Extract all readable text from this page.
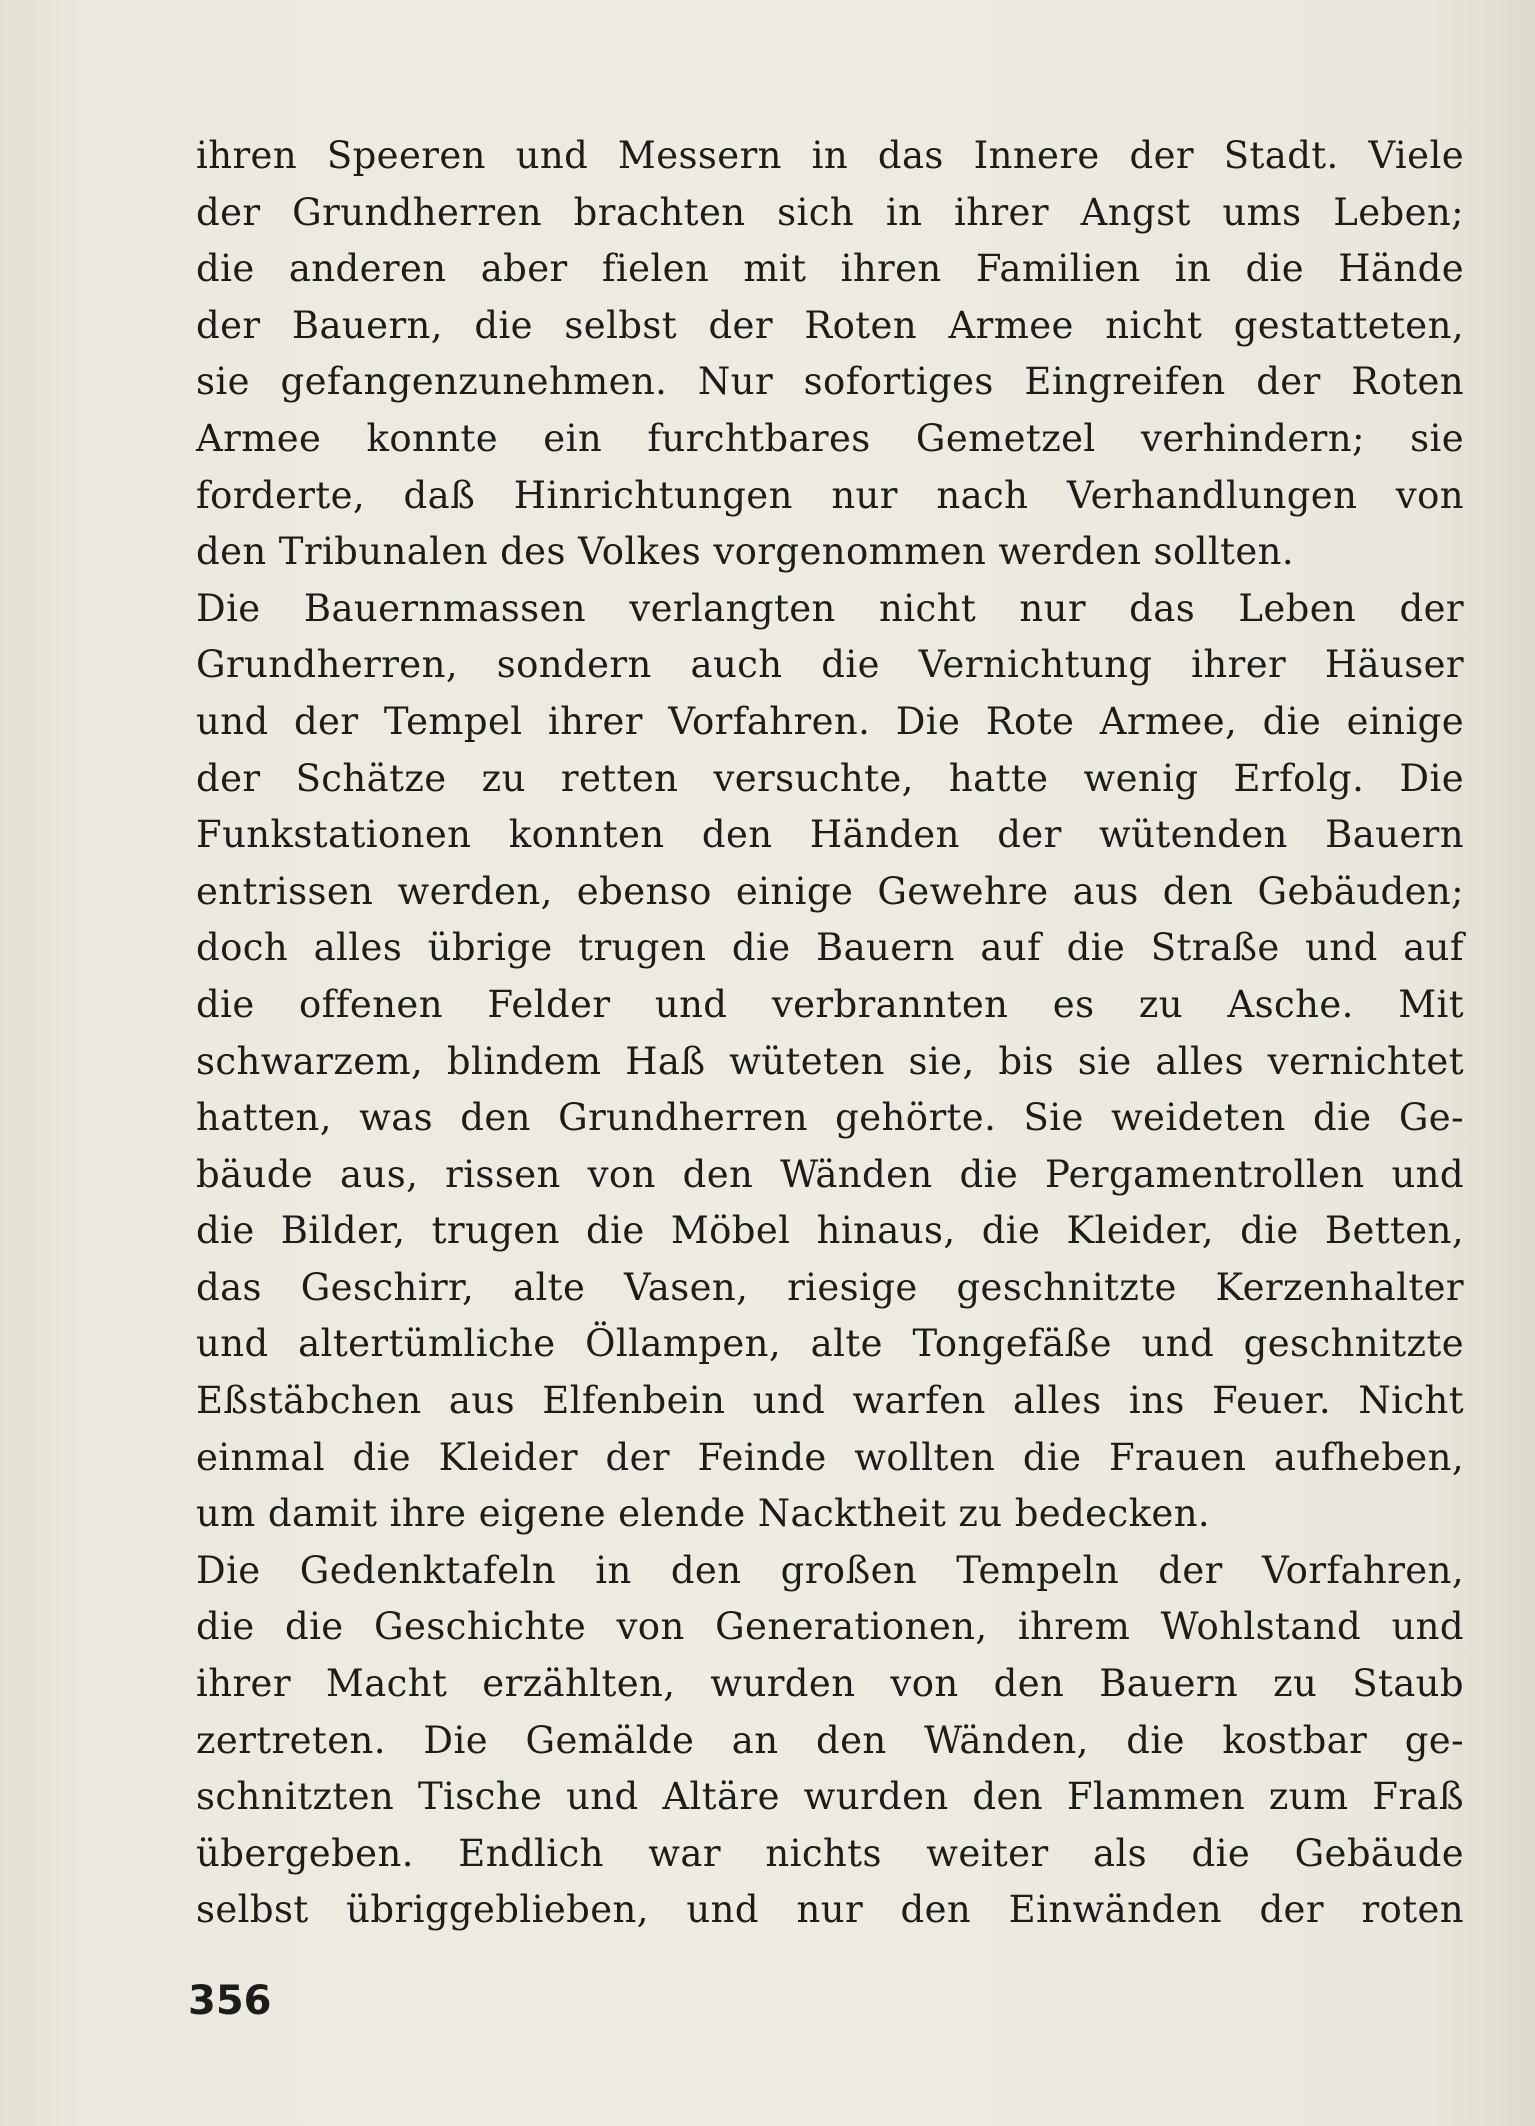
ihren Speeren und Messern in das Innere der Stadt. Viele
der Grundherren brachten sich in ihrer Angst ums Leben;
die anderen aber fielen mit ihren Familien in die Hände
der Bauern, die selbst der Roten Armee nicht gestatteten,
sie gefangenzunehmen. Nur sofortiges Eingreifen der Roten
Armee konnte ein furchtbares Gemetzel verhindern; sie
forderte, daß Hinrichtungen nur nach Verhandlungen von
den Tribunalen des Volkes vorgenommen werden sollten.
Die Bauernmassen verlangten nicht nur das Leben der
Grundherren, sondern auch die Vernichtung ihrer Häuser
und der Tempel ihrer Vorfahren. Die Rote Armee, die einige
der Schätze zu retten versuchte, hatte wenig Erfolg. Die
Funkstationen konnten den Händen der wütenden Bauern
entrissen werden, ebenso einige Gewehre aus den Gebäuden;
doch alles übrige trugen die Bauern auf die Straße und auf
die offenen Felder und verbrannten es zu Asche. Mit
schwarzem, blindem Haß wüteten sie, bis sie alles vernichtet
hatten, was den Grundherren gehörte. Sie weideten die Ge-
bäude aus, rissen von den Wänden die Pergamentrollen und
die Bilder, trugen die Möbel hinaus, die Kleider, die Betten,
das Geschirr, alte Vasen, riesige geschnitzte Kerzenhalter
und altertümliche Öllampen, alte Tongefäße und geschnitzte
Eßstäbchen aus Elfenbein und warfen alles ins Feuer. Nicht
einmal die Kleider der Feinde wollten die Frauen aufheben,
um damit ihre eigene elende Nacktheit zu bedecken.
Die Gedenktafeln in den großen Tempeln der Vorfahren,
die die Geschichte von Generationen, ihrem Wohlstand und
ihrer Macht erzählten, wurden von den Bauern zu Staub
zertreten. Die Gemälde an den Wänden, die kostbar ge-
schnitzten Tische und Altäre wurden den Flammen zum Fraß
übergeben. Endlich war nichts weiter als die Gebäude
selbst übriggeblieben, und nur den Einwänden der roten
356
